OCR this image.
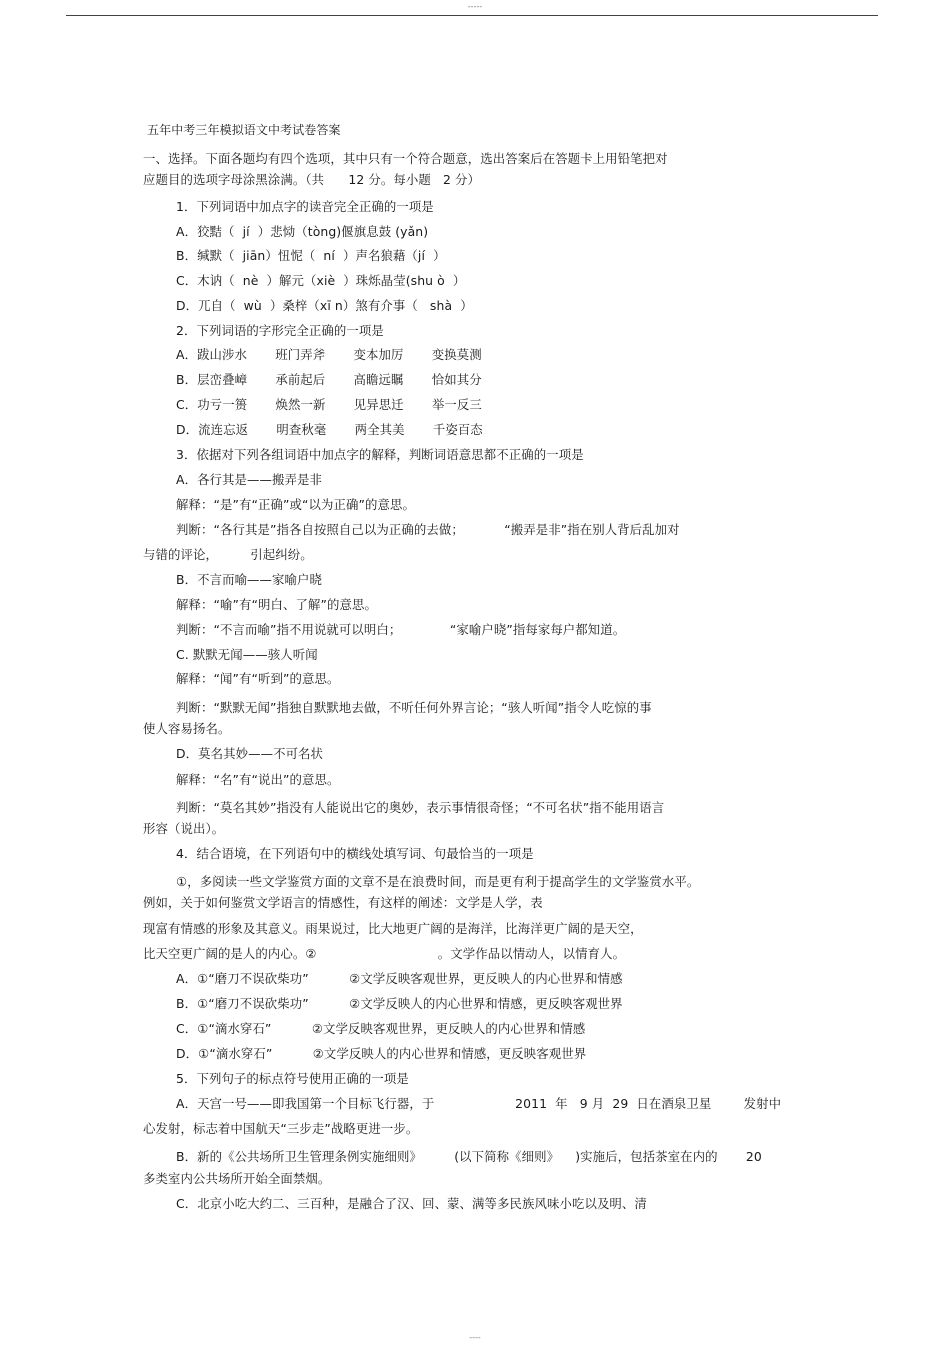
-----
五年中考三年模拟语文中考试卷答案
一、选择。下面各题均有四个选项，其中只有一个符合题意，选出答案后在答题卡上用铅笔把对
应题目的选项字母涂黑涂满。（共      12 分。每小题   2 分）
1．下列词语中加点字的读音完全正确的一项是
A．狡黠（  jí  ）悲恸（tòng)偃旗息鼓 (yǎn)
B．缄默（  jiān）忸怩（  ní  ）声名狼藉（jí  ）
C．木讷（  nè  ）解元（xiè  ）珠烁晶莹(shu ò  ）
D．兀自（  wù  ）桑梓（xī n）煞有介事（   shà  ）
2．下列词语的字形完全正确的一项是
A．跋山涉水       班门弄斧       变本加厉       变换莫测
B．层峦叠嶂       承前起后       高瞻远瞩       恰如其分
C．功亏一篑       焕然一新       见异思迁       举一反三
D．流连忘返       明查秋毫       两全其美       千姿百态
3．依据对下列各组词语中加点字的解释，判断词语意思都不正确的一项是
A．各行其是——搬弄是非
解释：“是”有“正确”或“以为正确”的意思。
判断：“各行其是”指各自按照自己以为正确的去做；          “搬弄是非”指在别人背后乱加对
与错的评论，        引起纠纷。
B．不言而喻——家喻户晓
解释：“喻”有“明白、了解”的意思。
判断：“不言而喻”指不用说就可以明白；            “家喻户晓”指每家每户都知道。
C. 默默无闻——骇人听闻
解释：“闻”有“听到”的意思。
判断：“默默无闻”指独自默默地去做，不听任何外界言论；“骇人听闻”指令人吃惊的事
使人容易扬名。
D．莫名其妙——不可名状
解释：“名”有“说出”的意思。
判断：“莫名其妙”指没有人能说出它的奥妙，表示事情很奇怪；“不可名状”指不能用语言
形容（说出）。
4．结合语境，在下列语句中的横线处填写词、句最恰当的一项是
①，多阅读一些文学鉴赏方面的文章不是在浪费时间，而是更有利于提高学生的文学鉴赏水平。
例如，关于如何鉴赏文学语言的情感性，有这样的阐述：文学是人学，表
现富有情感的形象及其意义。雨果说过，比大地更广阔的是海洋，比海洋更广阔的是天空，
比天空更广阔的是人的内心。②                              。文学作品以情动人，以情育人。
A．①“磨刀不误砍柴功”          ②文学反映客观世界，更反映人的内心世界和情感
B．①“磨刀不误砍柴功”          ②文学反映人的内心世界和情感，更反映客观世界
C．①“滴水穿石”          ②文学反映客观世界，更反映人的内心世界和情感
D．①“滴水穿石”          ②文学反映人的内心世界和情感，更反映客观世界
5．下列句子的标点符号使用正确的一项是
A．天宫一号——即我国第一个目标飞行器，于                    2011  年   9 月  29  日在酒泉卫星        发射中
心发射，标志着中国航天“三步走”战略更进一步。
B．新的《公共场所卫生管理条例实施细则》        (以下简称《细则》    )实施后，包括茶室在内的       20
多类室内公共场所开始全面禁烟。
C．北京小吃大约二、三百种，是融合了汉、回、蒙、满等多民族风味小吃以及明、清
----
